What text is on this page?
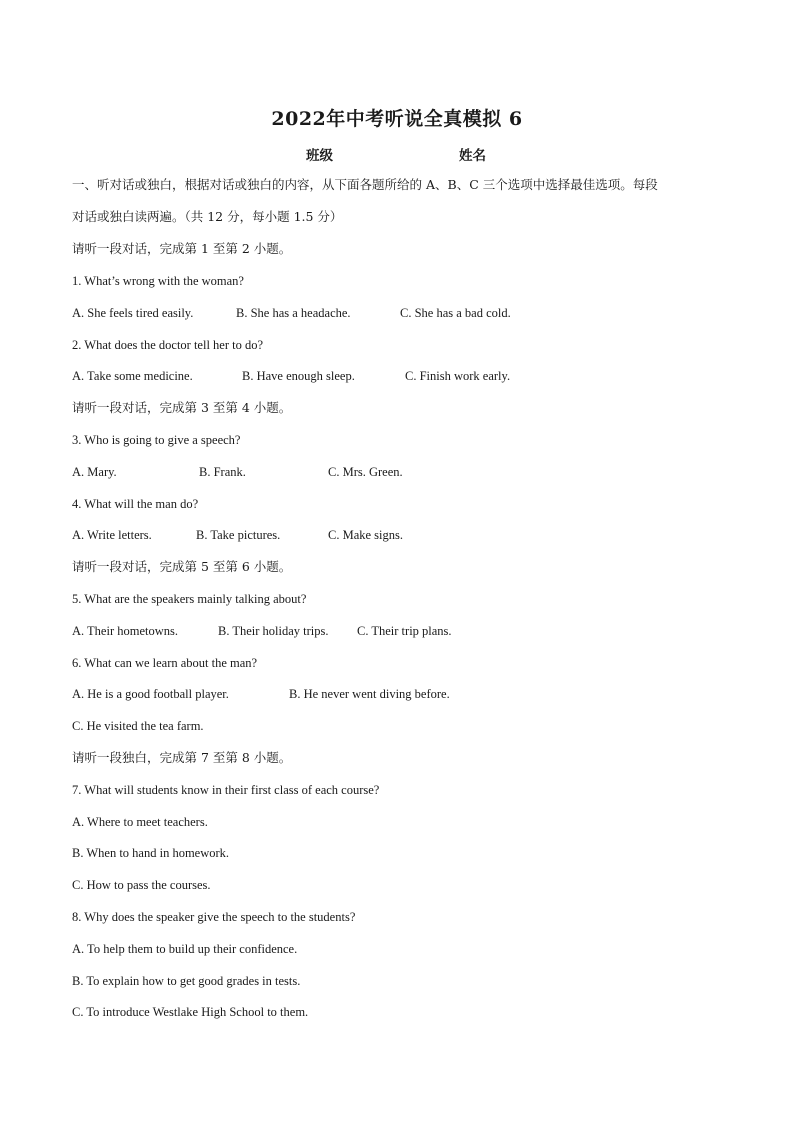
2022年中考听说全真模拟 6
班级	姓名
一、听对话或独白，根据对话或独白的内容，从下面各题所给的 A、B、C 三个选项中选择最佳选项。每段
对话或独白读两遍。（共 12 分，每小题 1.5 分）
请听一段对话，完成第 1 至第 2 小题。
1. What’s wrong with the woman?
A. She feels tired easily.	B. She has a headache.	C. She has a bad cold.
2. What does the doctor tell her to do?
A. Take some medicine.	B. Have enough sleep.	C. Finish work early.
请听一段对话，完成第 3 至第 4 小题。
3. Who is going to give a speech?
A. Mary.	B. Frank.	C. Mrs. Green.
4. What will the man do?
A. Write letters.	B. Take pictures.	C. Make signs.
请听一段对话，完成第 5 至第 6 小题。
5. What are the speakers mainly talking about?
A. Their hometowns.	B. Their holiday trips. C. Their trip plans.
6. What can we learn about the man?
A. He is a good football player.	B. He never went diving before.
C. He visited the tea farm.
请听一段独白，完成第 7 至第 8 小题。
7. What will students know in their first class of each course?
A. Where to meet teachers.
B. When to hand in homework.
C. How to pass the courses.
8. Why does the speaker give the speech to the students?
A. To help them to build up their confidence.
B. To explain how to get good grades in tests.
C. To introduce Westlake High School to them.
